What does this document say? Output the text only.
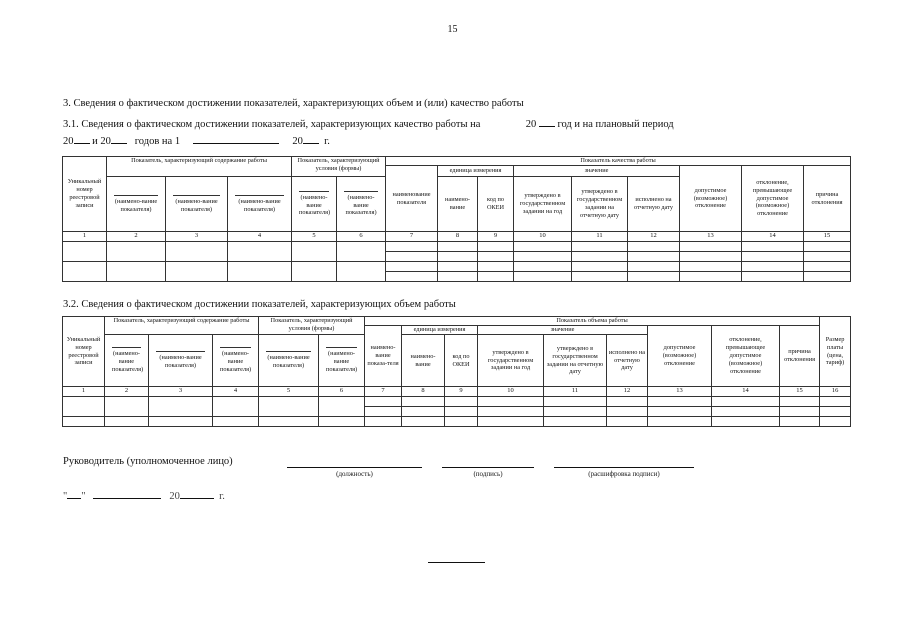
15
3. Сведения о фактическом достижении показателей, характеризующих объем и (или) качество работы
3.1. Сведения о фактическом достижении показателей, характеризующих качество работы на	20 год и на плановый период
20 и 20 годов на 1	20 г.
Уникальный номер реестровой записи	Показатель, характеризующий содержание работы			Показатель, характеризующий условия (формы)		Показатель качества работы								
						наименование показателя	единица измерения		значение			допустимое (возможное) отклонение	отклонение, превышающее допустимое (возможное) отклонение	причина отклонения

	(наимено-вание показателя)	(наимено-вание показателя)	(наимено-вание показателя)	(наимено-вание показателя)	(наимено-вание показателя)		наимено-вание	код по ОКЕИ	утверждено в государственном задании на год	утверждено в государственном задании на отчетную дату	исполнено на отчетную дату			
1	2	3	4	5	6	7	8	9	10	11	12	13	14	15

3.2. Сведения о фактическом достижении показателей, характеризующих объем работы
Уникальный номер реестровой записи	Показатель, характеризующий содержание работы			Показатель, характеризующий условия (формы)		Показатель объема работы									Размер платы (цена, тариф)
						наимено-вание показа-теля	единица измерения		значение			допустимое (возможное) отклонение	отклонение, превышающее допустимое (возможное) отклонение	причина отклонения	

	(наимено-вание показателя)	(наимено-вание показателя)	(наимено-вание показателя)	(наимено-вание показателя)	(наимено-вание показателя)		наимено-вание	код по ОКЕИ	утверждено в государственном задании на год	утверждено в государственном задании на отчетную дату	исполнено на отчетную дату				
1	2	3	4	5	6	7	8	9	10	11	12	13	14	15	16

Руководитель (уполномоченное лицо)
(должность)	(подпись)	(расшифровка подписи)
" "	20	г.
